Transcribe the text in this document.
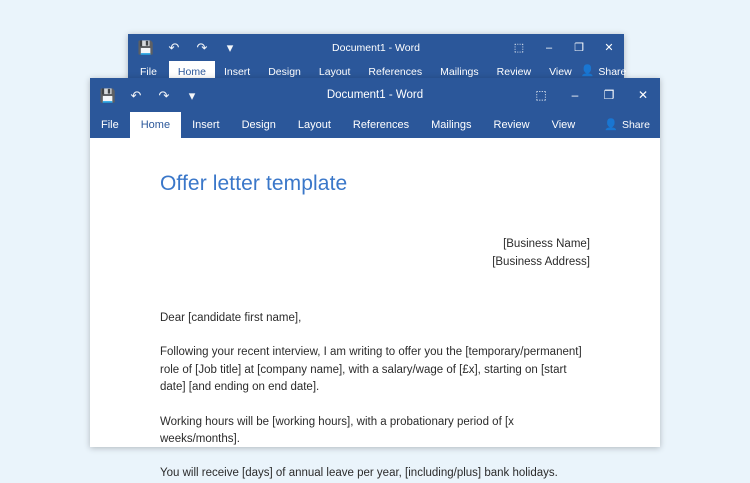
💾 ↶ ↷	▾	Document1 - Word	⬚	–	❐	✕
File	Home	Insert	Design	Layout	References	Mailings	Review	View 👤 Share
💾 ↶ ↷	▾	Document1 - Word	⬚	–	❐	✕
File	Home	Insert	Design	Layout	References	Mailings	Review	View	👤 Share
Offer letter template
[Business Name]
[Business Address]

Dear [candidate first name],

Following your recent interview, I am writing to offer you the [temporary/permanent] role of [Job title] at [company name], with a salary/wage of [£x], starting on [start date] [and ending on end date].

Working hours will be [working hours], with a probationary period of [x weeks/months].

You will receive [days] of annual leave per year, [including/plus] bank holidays.
